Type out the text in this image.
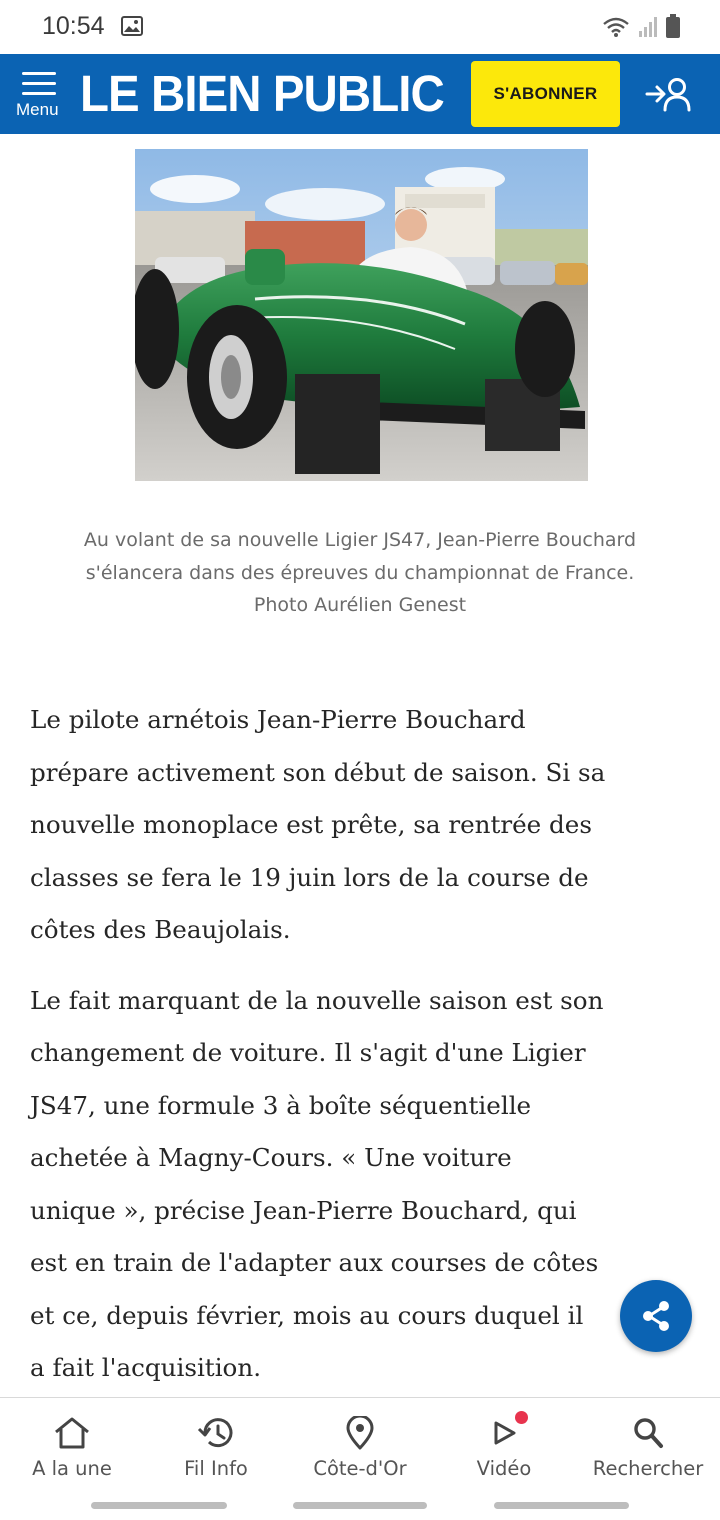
10:54
Menu LE BIEN PUBLIC	S'ABONNER
Au volant de sa nouvelle Ligier JS47, Jean-Pierre Bouchard
s'élancera dans des épreuves du championnat de France.
Photo Aurélien Genest

Le pilote arnétois Jean-Pierre Bouchard
prépare activement son début de saison. Si sa
nouvelle monoplace est prête, sa rentrée des
classes se fera le 19 juin lors de la course de
côtes des Beaujolais.

Le fait marquant de la nouvelle saison est son
changement de voiture. Il s'agit d'une Ligier
JS47, une formule 3 à boîte séquentielle
achetée à Magny-Cours. « Une voiture
unique », précise Jean-Pierre Bouchard, qui
est en train de l'adapter aux courses de côtes
et ce, depuis février, mois au cours duquel il
a fait l'acquisition.

A la une	Fil Info	Côte-d'Or	Vidéo	Rechercher
